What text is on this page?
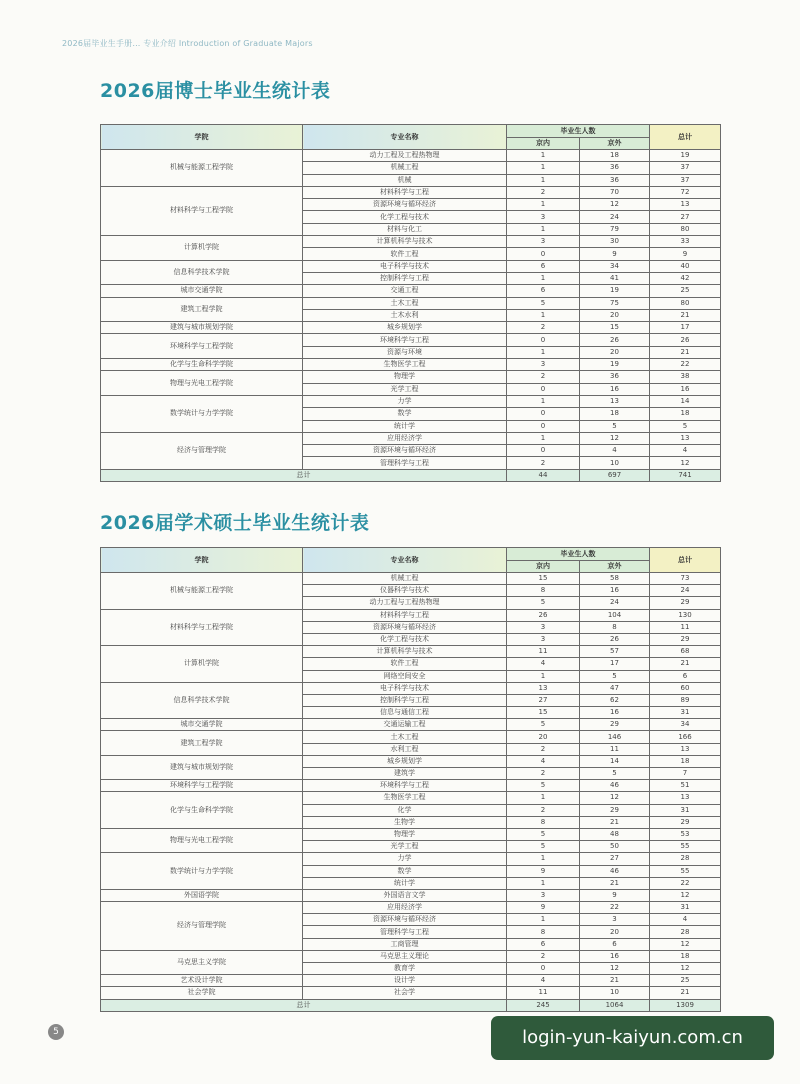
2026届毕业生手册… 专业介绍 Introduction of Graduate Majors
2026届博士毕业生统计表
学院	专业名称	毕业生人数		总计
		京内	京外	
机械与能源工程学院	动力工程及工程热物理	1	18	19
	机械工程	1	36	37
	机械	1	36	37
材料科学与工程学院	材料科学与工程	2	70	72
	资源环境与循环经济	1	12	13
	化学工程与技术	3	24	27
	材料与化工	1	79	80
计算机学院	计算机科学与技术	3	30	33
	软件工程	0	9	9
信息科学技术学院	电子科学与技术	6	34	40
	控制科学与工程	1	41	42
城市交通学院	交通工程	6	19	25
建筑工程学院	土木工程	5	75	80
	土木水利	1	20	21
建筑与城市规划学院	城乡规划学	2	15	17
环境科学与工程学院	环境科学与工程	0	26	26
	资源与环境	1	20	21
化学与生命科学学院	生物医学工程	3	19	22
物理与光电工程学院	物理学	2	36	38
	光学工程	0	16	16
数学统计与力学学院	力学	1	13	14
	数学	0	18	18
	统计学	0	5	5
经济与管理学院	应用经济学	1	12	13
	资源环境与循环经济	0	4	4
	管理科学与工程	2	10	12
总计		44	697	741
2026届学术硕士毕业生统计表
学院	专业名称	毕业生人数		总计
		京内	京外	
机械与能源工程学院	机械工程	15	58	73
	仪器科学与技术	8	16	24
	动力工程与工程热物理	5	24	29
材料科学与工程学院	材料科学与工程	26	104	130
	资源环境与循环经济	3	8	11
	化学工程与技术	3	26	29
计算机学院	计算机科学与技术	11	57	68
	软件工程	4	17	21
	网络空间安全	1	5	6
信息科学技术学院	电子科学与技术	13	47	60
	控制科学与工程	27	62	89
	信息与通信工程	15	16	31
城市交通学院	交通运输工程	5	29	34
建筑工程学院	土木工程	20	146	166
	水利工程	2	11	13
建筑与城市规划学院	城乡规划学	4	14	18
	建筑学	2	5	7
环境科学与工程学院	环境科学与工程	5	46	51
化学与生命科学学院	生物医学工程	1	12	13
	化学	2	29	31
	生物学	8	21	29
物理与光电工程学院	物理学	5	48	53
	光学工程	5	50	55
数学统计与力学学院	力学	1	27	28
	数学	9	46	55
	统计学	1	21	22
外国语学院	外国语言文学	3	9	12
经济与管理学院	应用经济学	9	22	31
	资源环境与循环经济	1	3	4
	管理科学与工程	8	20	28
	工商管理	6	6	12
马克思主义学院	马克思主义理论	2	16	18
	教育学	0	12	12
艺术设计学院	设计学	4	21	25
社会学院	社会学	11	10	21
总计		245	1064	1309
5	login-yun-kaiyun.com.cn
